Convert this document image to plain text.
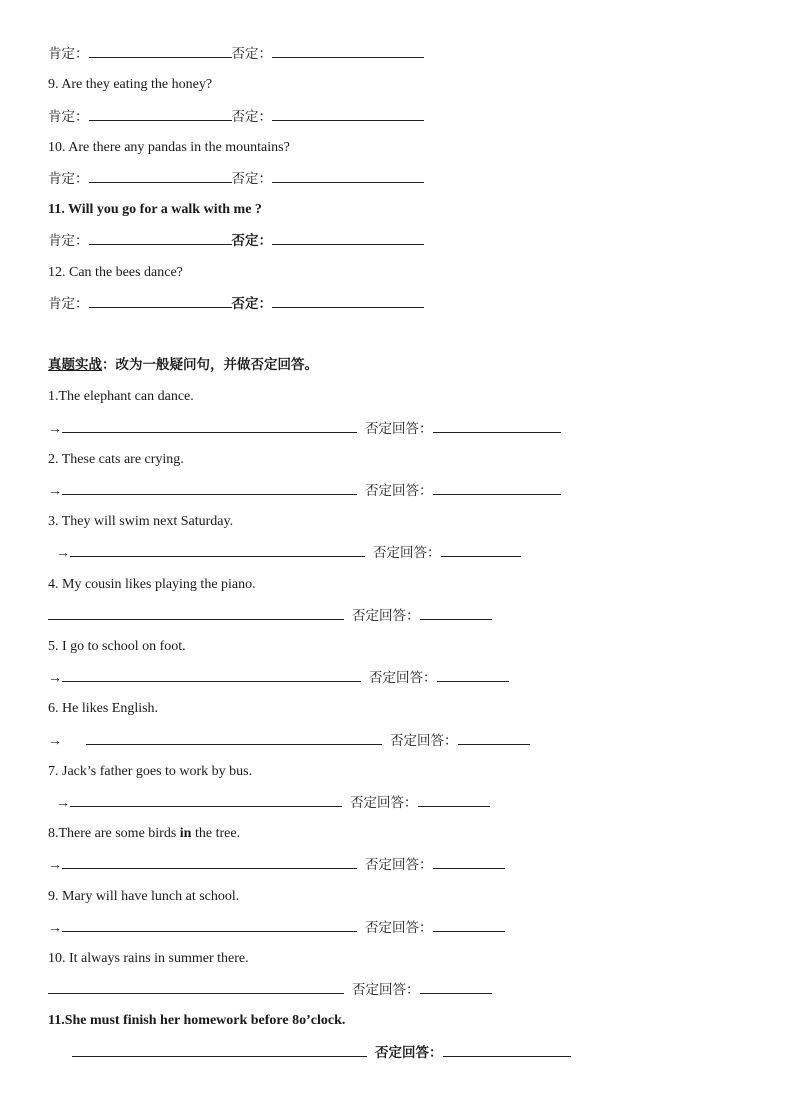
肯定：	否定：
9. Are they eating the honey?
肯定：	否定：
10. Are there any pandas in the mountains?
肯定：	否定：
11. Will you go for a walk with me ?
肯定：	否定：
12. Can the bees dance?
肯定：	否定：
真题实战：改为一般疑问句，并做否定回答。
1.The elephant can dance.
→	否定回答：
2. These cats are crying.
→	否定回答：
3. They will swim next Saturday.
→	否定回答：
4. My cousin likes playing the piano.
否定回答：
5. I go to school on foot.
→	否定回答：
6. He likes English.
→	否定回答：
7. Jack’s father goes to work by bus.
→	否定回答：
8.There are some birds in the tree.
→	否定回答：
9. Mary will have lunch at school.
→	否定回答：
10. It always rains in summer there.
否定回答：
11.She must finish her homework before 8o’clock.
否定回答：
